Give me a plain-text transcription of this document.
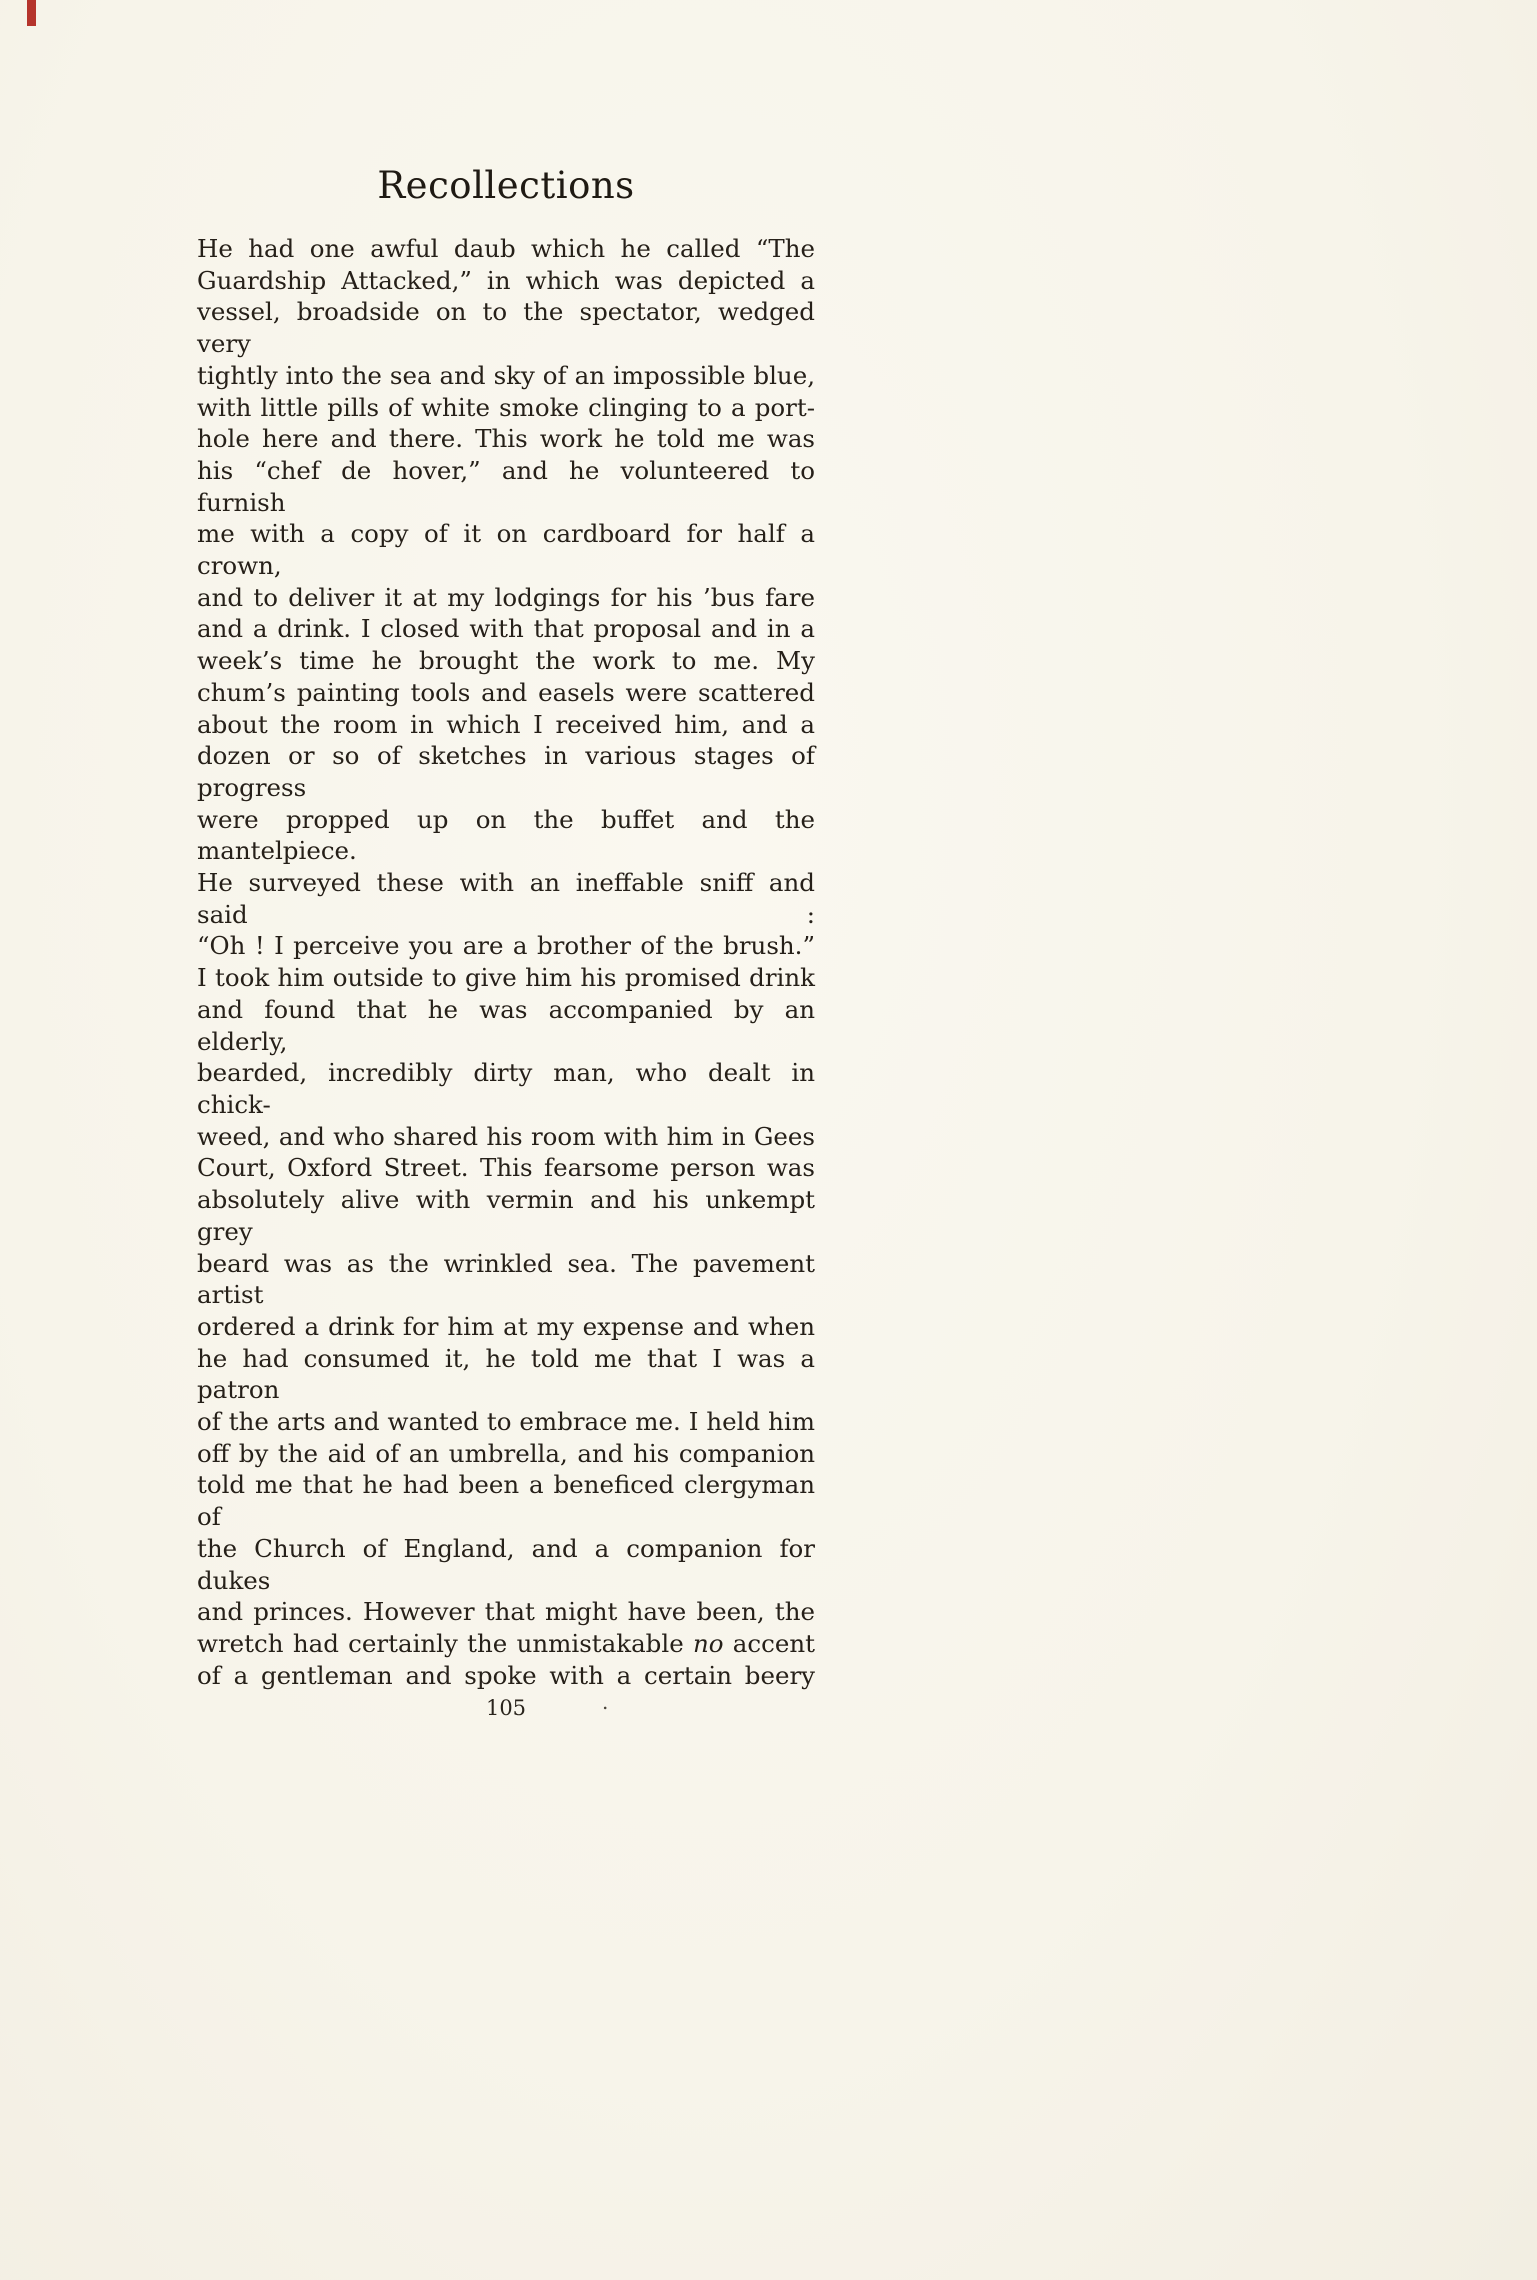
Recollections
He had one awful daub which he called “The
Guardship Attacked,” in which was depicted a
vessel, broadside on to the spectator, wedged very
tightly into the sea and sky of an impossible blue,
with little pills of white smoke clinging to a port-
hole here and there. This work he told me was
his “chef de hover,” and he volunteered to furnish
me with a copy of it on cardboard for half a crown,
and to deliver it at my lodgings for his ’bus fare
and a drink. I closed with that proposal and in a
week’s time he brought the work to me. My
chum’s painting tools and easels were scattered
about the room in which I received him, and a
dozen or so of sketches in various stages of progress
were propped up on the buffet and the mantelpiece.
He surveyed these with an ineffable sniff and said :
“Oh ! I perceive you are a brother of the brush.”
I took him outside to give him his promised drink
and found that he was accompanied by an elderly,
bearded, incredibly dirty man, who dealt in chick-
weed, and who shared his room with him in Gees
Court, Oxford Street. This fearsome person was
absolutely alive with vermin and his unkempt grey
beard was as the wrinkled sea. The pavement artist
ordered a drink for him at my expense and when
he had consumed it, he told me that I was a patron
of the arts and wanted to embrace me. I held him
off by the aid of an umbrella, and his companion
told me that he had been a beneficed clergyman of
the Church of England, and a companion for dukes
and princes. However that might have been, the
wretch had certainly the unmistakable no accent
of a gentleman and spoke with a certain beery
105	.
